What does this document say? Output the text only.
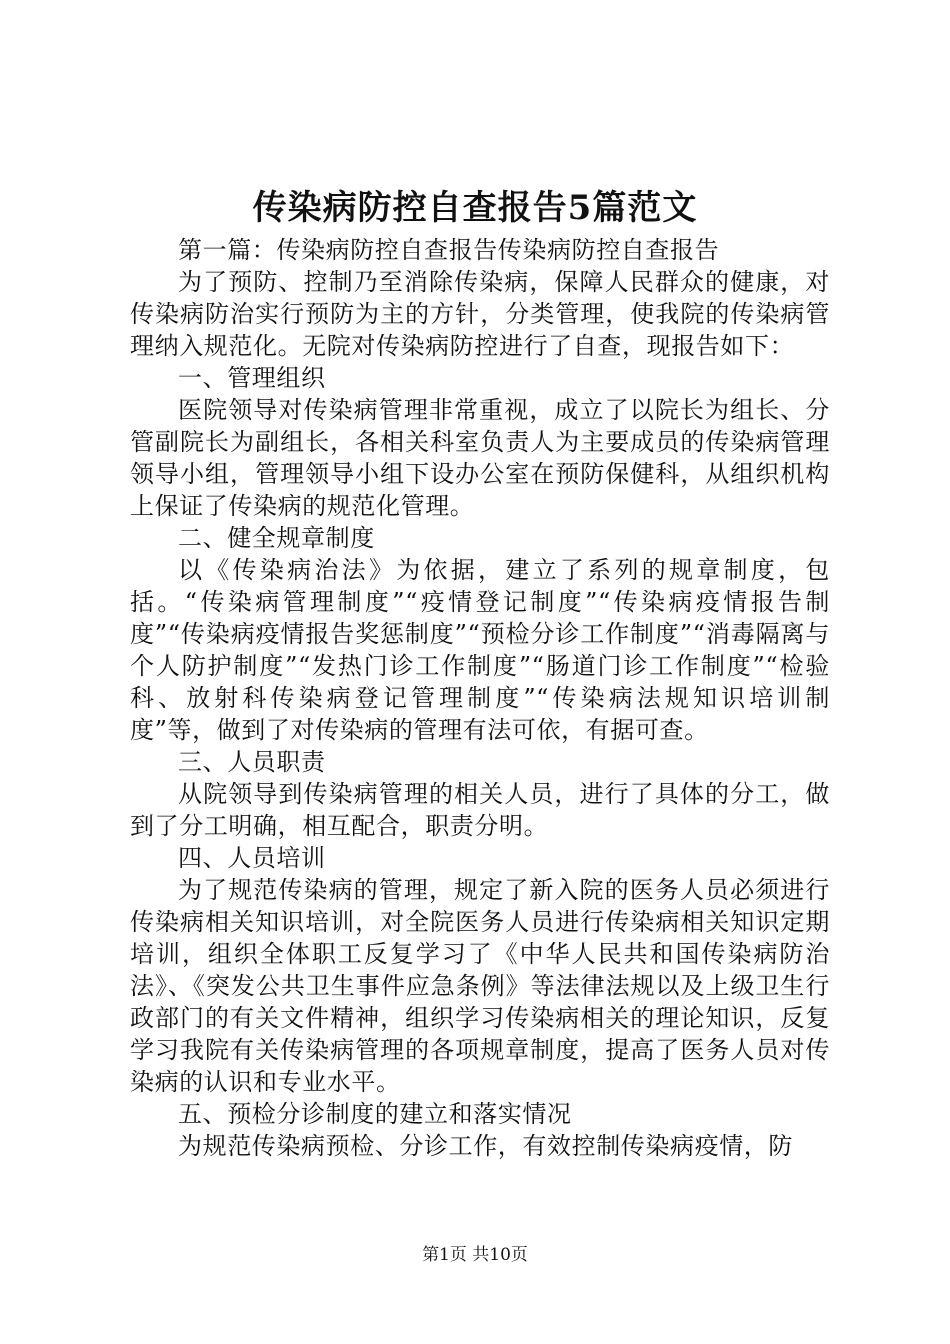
传染病防控自查报告5篇范文

第一篇：传染病防控自查报告传染病防控自查报告

为了预防、控制乃至消除传染病，保障人民群众的健康，对传染病防治实行预防为主的方针，分类管理，使我院的传染病管理纳入规范化。无院对传染病防控进行了自查，现报告如下：

一、管理组织

医院领导对传染病管理非常重视，成立了以院长为组长、分管副院长为副组长，各相关科室负责人为主要成员的传染病管理领导小组，管理领导小组下设办公室在预防保健科，从组织机构上保证了传染病的规范化管理。

二、健全规章制度

以《传染病治法》为依据，建立了系列的规章制度，包括。“传染病管理制度”“疫情登记制度”“传染病疫情报告制度”“传染病疫情报告奖惩制度”“预检分诊工作制度”“消毒隔离与个人防护制度”“发热门诊工作制度”“肠道门诊工作制度”“检验科、放射科传染病登记管理制度”“传染病法规知识培训制度”等，做到了对传染病的管理有法可依，有据可查。

三、人员职责

从院领导到传染病管理的相关人员，进行了具体的分工，做到了分工明确，相互配合，职责分明。

四、人员培训

为了规范传染病的管理，规定了新入院的医务人员必须进行传染病相关知识培训，对全院医务人员进行传染病相关知识定期培训，组织全体职工反复学习了《中华人民共和国传染病防治法》、《突发公共卫生事件应急条例》等法律法规以及上级卫生行政部门的有关文件精神，组织学习传染病相关的理论知识，反复学习我院有关传染病管理的各项规章制度，提高了医务人员对传染病的认识和专业水平。

五、预检分诊制度的建立和落实情况

为规范传染病预检、分诊工作，有效控制传染病疫情，防

第1页 共10页
